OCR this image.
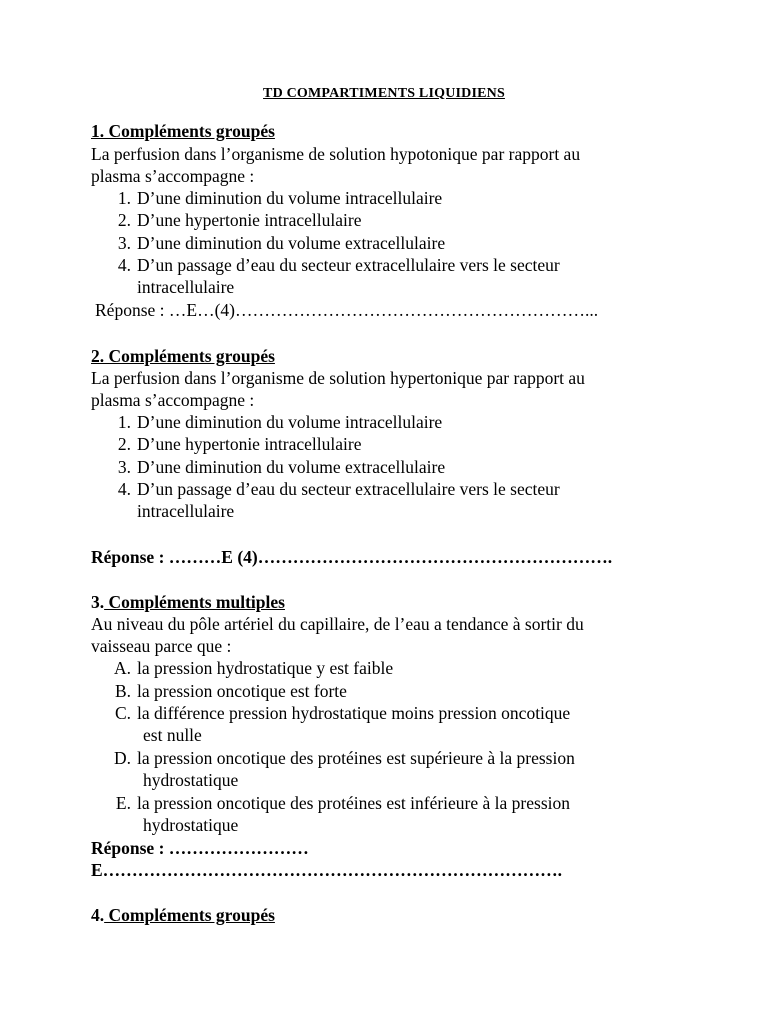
TD COMPARTIMENTS LIQUIDIENS
1. Compléments groupés
La perfusion dans l’organisme de solution hypotonique par rapport au
plasma s’accompagne :
1. D’une diminution du volume intracellulaire
2. D’une hypertonie intracellulaire
3. D’une diminution du volume extracellulaire
4. D’un passage d’eau du secteur extracellulaire vers le secteur
intracellulaire
Réponse : …E…(4)……………………………………………………...
2. Compléments groupés
La perfusion dans l’organisme de solution hypertonique par rapport au
plasma s’accompagne :
1. D’une diminution du volume intracellulaire
2. D’une hypertonie intracellulaire
3. D’une diminution du volume extracellulaire
4. D’un passage d’eau du secteur extracellulaire vers le secteur
intracellulaire
Réponse : ………E (4)…………………………………………………….
3. Compléments multiples
Au niveau du pôle artériel du capillaire, de l’eau a tendance à sortir du
vaisseau parce que :
A. la pression hydrostatique y est faible
B. la pression oncotique est forte
C. la différence pression hydrostatique moins pression oncotique
est nulle
D. la pression oncotique des protéines est supérieure à la pression
hydrostatique
E. la pression oncotique des protéines est inférieure à la pression
hydrostatique
Réponse : ……………………
E…………………………………………………………………….
4. Compléments groupés
